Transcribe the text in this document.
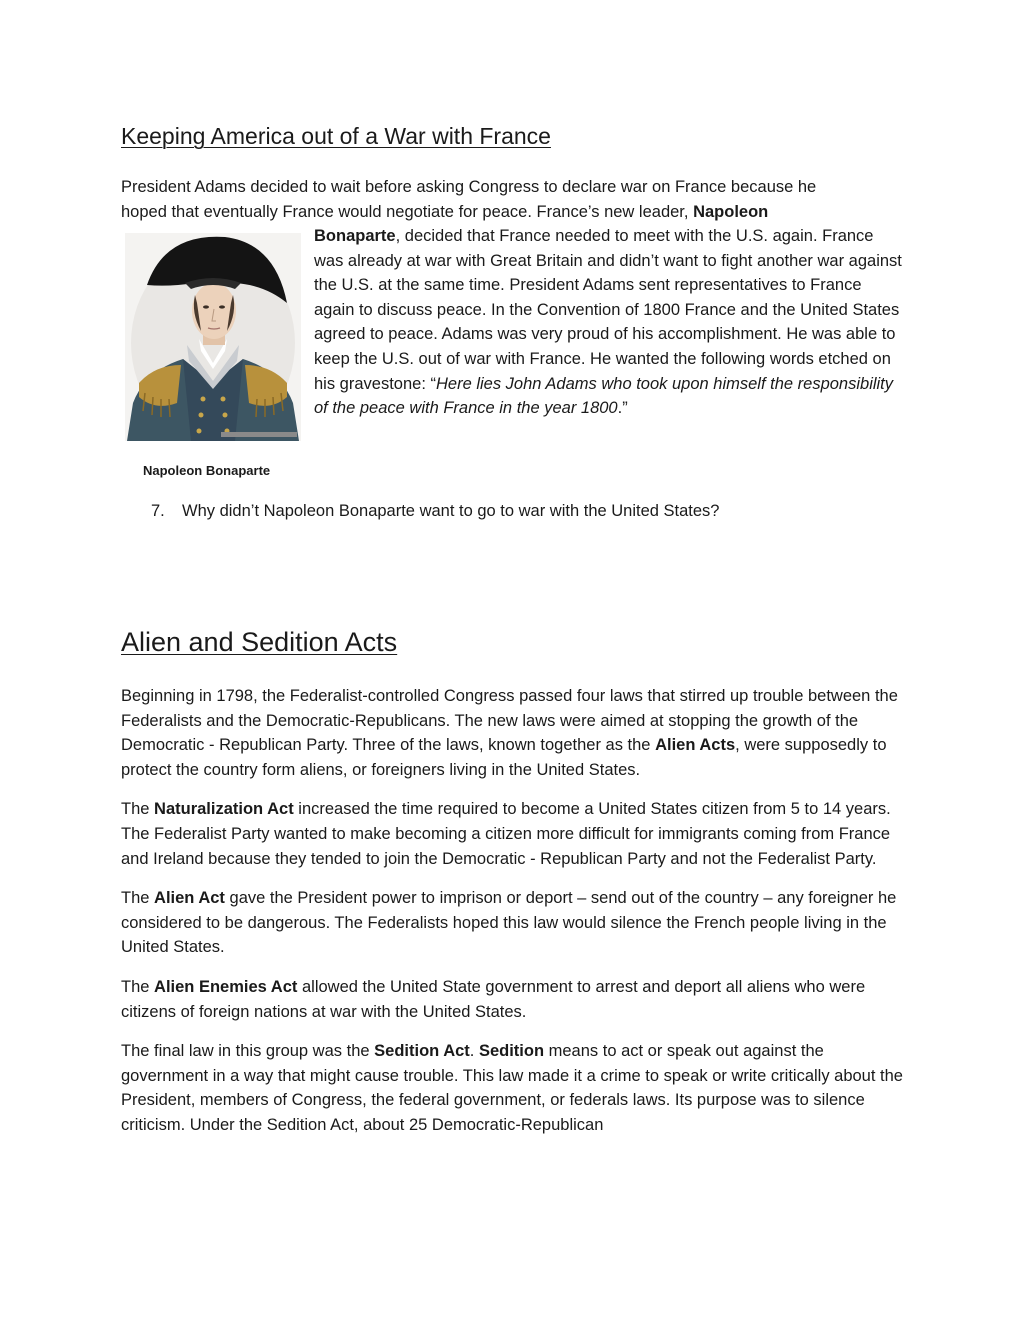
Keeping America out of a War with France
President Adams decided to wait before asking Congress to declare war on France because he
hoped that eventually France would negotiate for peace. France’s new leader, Napoleon
Napoleon Bonaparte

Bonaparte, decided that France needed to meet with the U.S. again. France was already at war with Great Britain and didn’t want to fight another war against the U.S. at the same time. President Adams sent representatives to France again to discuss peace. In the Convention of 1800 France and the United States agreed to peace. Adams was very proud of his accomplishment. He was able to keep the U.S. out of war with France. He wanted the following words etched on his gravestone: “Here lies John Adams who took upon himself the responsibility of the peace with France in the year 1800.”

7. Why didn’t Napoleon Bonaparte want to go to war with the United States?
Alien and Sedition Acts

Beginning in 1798, the Federalist-controlled Congress passed four laws that stirred up trouble between the Federalists and the Democratic-Republicans. The new laws were aimed at stopping the growth of the Democratic - Republican Party. Three of the laws, known together as the Alien Acts, were supposedly to protect the country form aliens, or foreigners living in the United States.

The Naturalization Act increased the time required to become a United States citizen from 5 to 14 years. The Federalist Party wanted to make becoming a citizen more difficult for immigrants coming from France and Ireland because they tended to join the Democratic - Republican Party and not the Federalist Party.

The Alien Act gave the President power to imprison or deport – send out of the country – any foreigner he considered to be dangerous. The Federalists hoped this law would silence the French people living in the United States.

The Alien Enemies Act allowed the United State government to arrest and deport all aliens who were citizens of foreign nations at war with the United States.

The final law in this group was the Sedition Act. Sedition means to act or speak out against the government in a way that might cause trouble. This law made it a crime to speak or write critically about the President, members of Congress, the federal government, or federals laws. Its purpose was to silence criticism. Under the Sedition Act, about 25 Democratic-Republican
